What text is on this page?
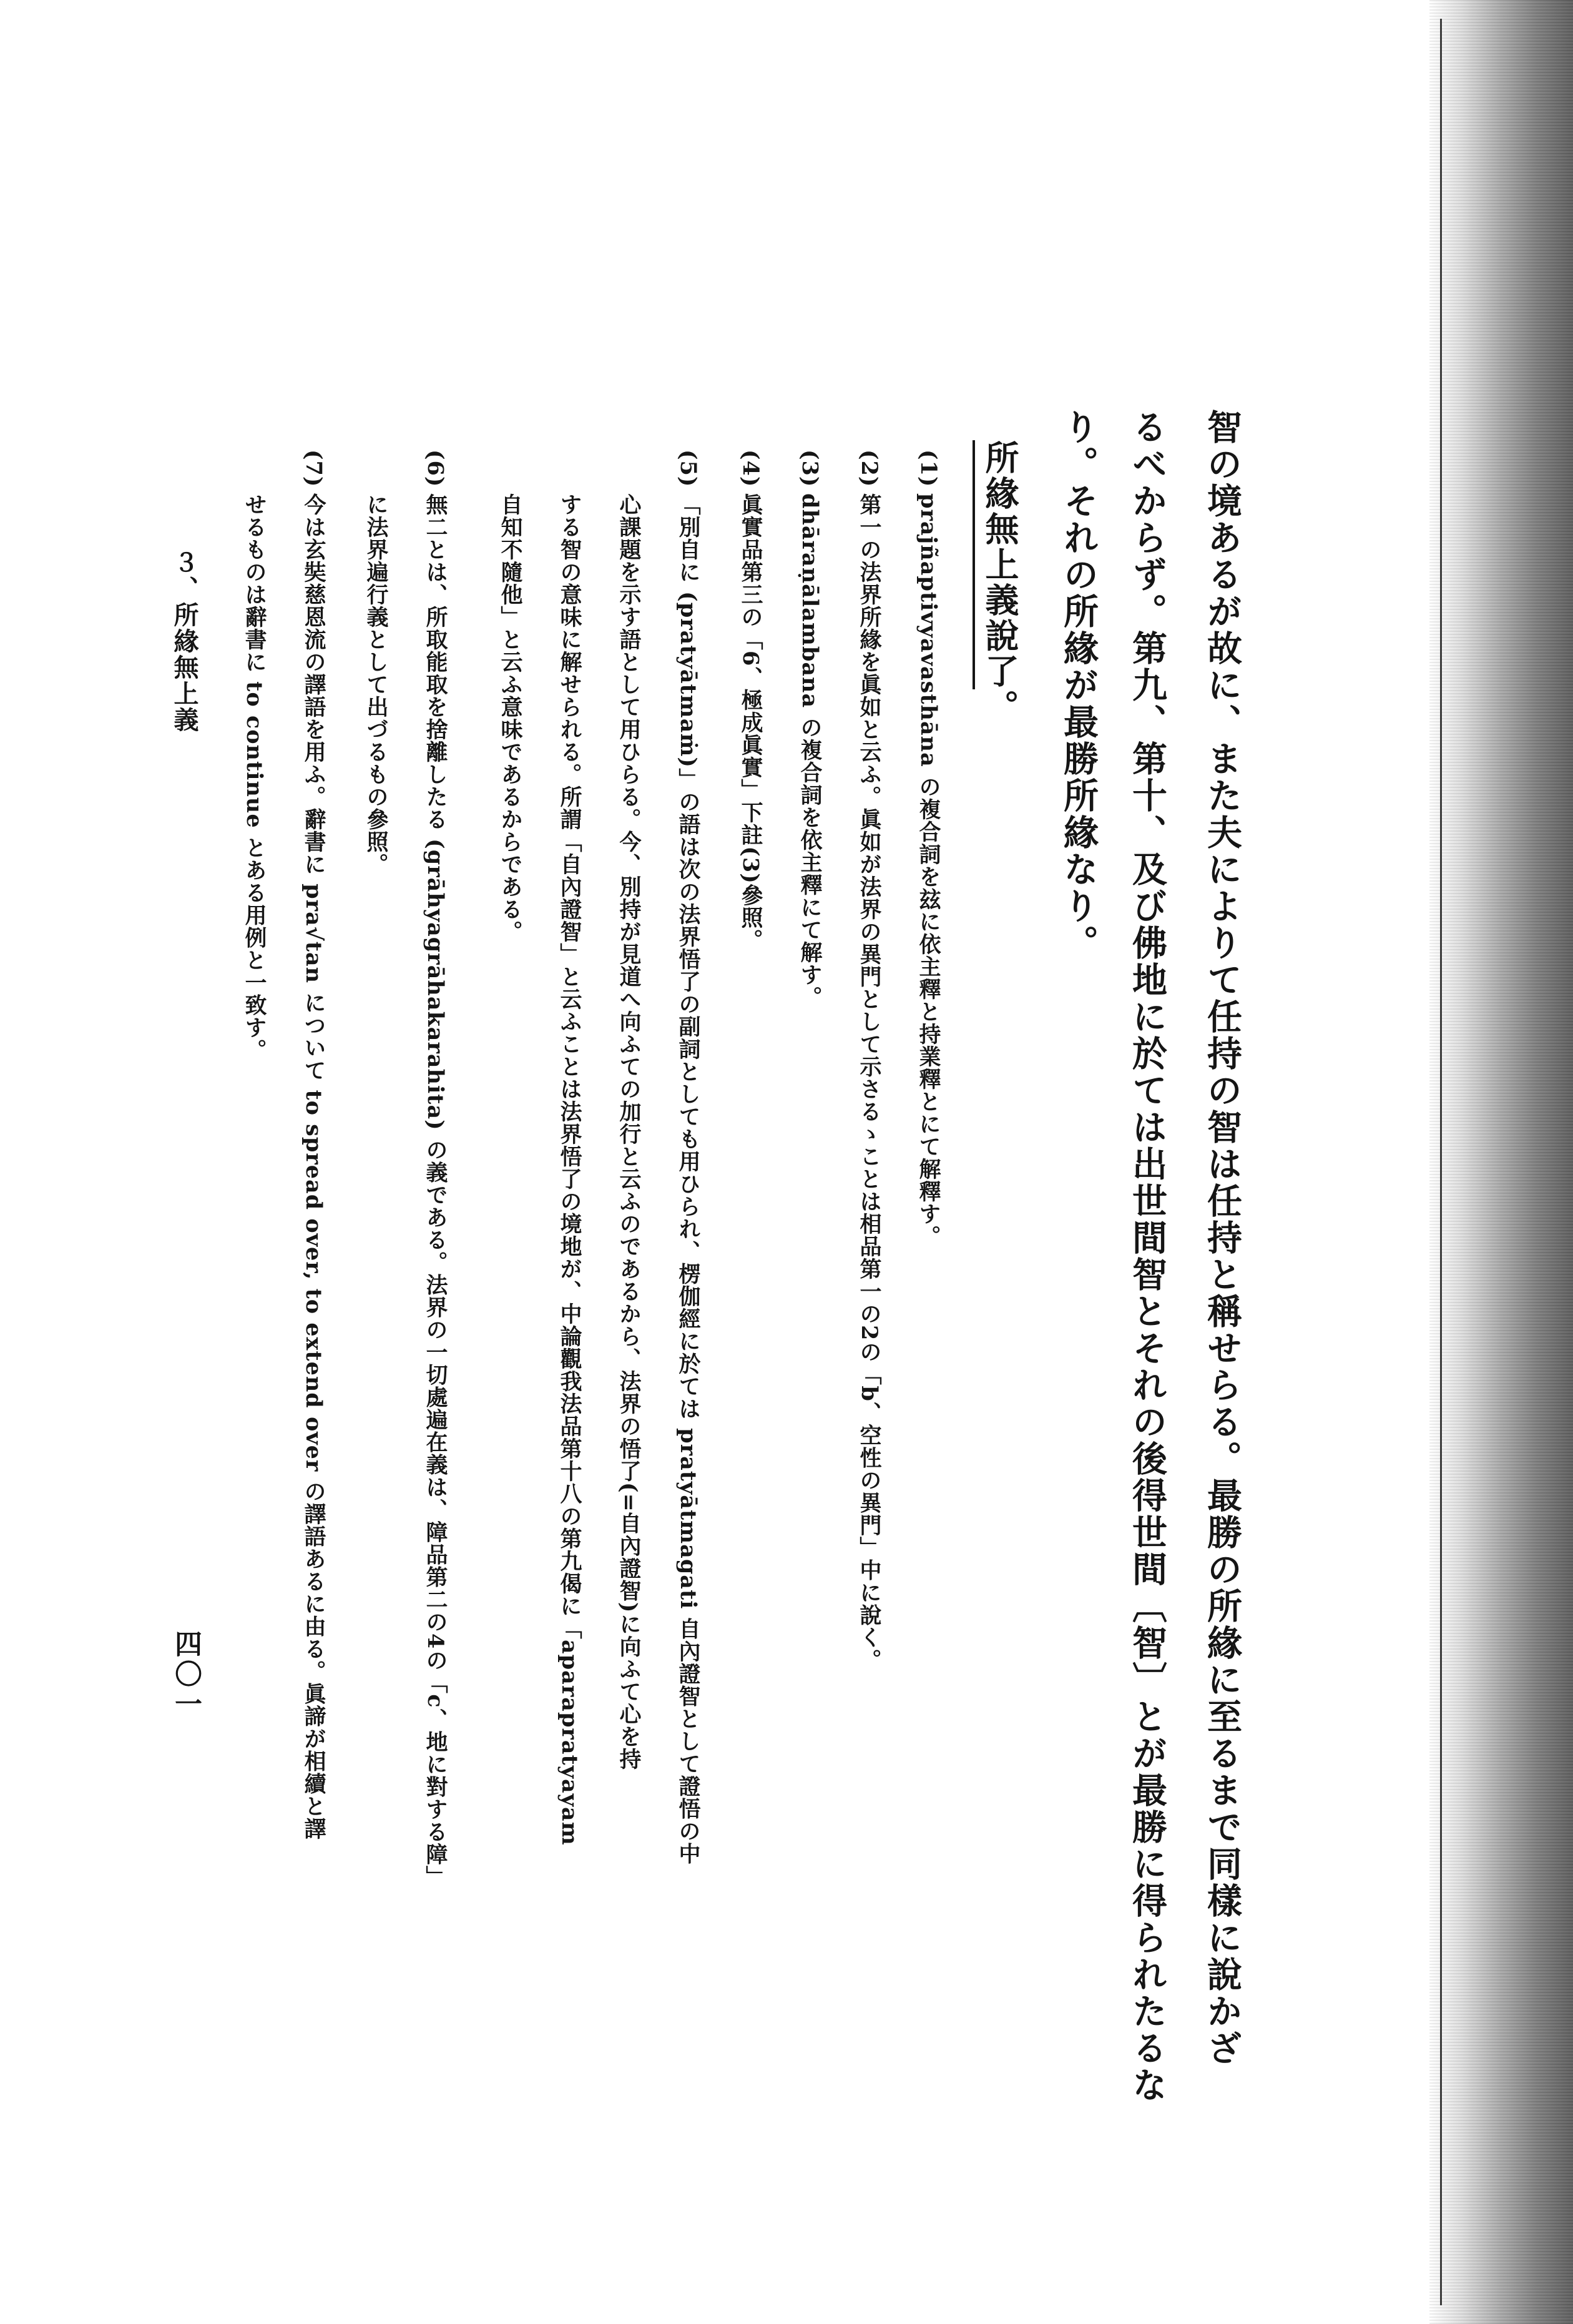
智の境あるが故に、また夫によりて任持の智は任持と稱せらる。最勝の所緣に至るまで同樣に說かざ
るべからず。第九、第十、及び佛地に於ては出世間智とそれの後得世間〔智〕とが最勝に得られたるな
り。それの所緣が最勝所緣なり。
所緣無上義說了。
(1)
prajñaptivyavasthāna の複合詞を玆に依主釋と持業釋とにて解釋す。
(2)
第一の法界所緣を眞如と云ふ。眞如が法界の異門として示さるゝことは相品第一の2の「b、空性の異門」中に說く。
(3)
dhāraṇālambana の複合詞を依主釋にて解す。
(4)
眞實品第三の「6、極成眞實」下註(3)參照。
(5)
「別自に (pratyātmaṁ)」の語は次の法界悟了の副詞としても用ひられ、楞伽經に於ては pratyātmagati 自內證智として證悟の中
心課題を示す語として用ひらる。今、別持が見道へ向ふての加行と云ふのであるから、法界の悟了(=自內證智)に向ふて心を持
する智の意味に解せられる。所謂「自內證智」と云ふことは法界悟了の境地が、中論觀我法品第十八の第九偈に「aparapratyayam
自知不隨他」と云ふ意味であるからである。
(6)
無二とは、所取能取を捨離したる (grāhyagrāhakarahita) の義である。法界の一切處遍在義は、障品第二の4の「c、地に對する障」
に法界遍行義として出づるもの參照。
(7)
今は玄奘慈恩流の譯語を用ふ。辭書に pra√tan について to spread over, to extend over の譯語あるに由る。眞諦が相續と譯
せるものは辭書に to continue とある用例と一致す。
３、所緣無上義
四〇一
